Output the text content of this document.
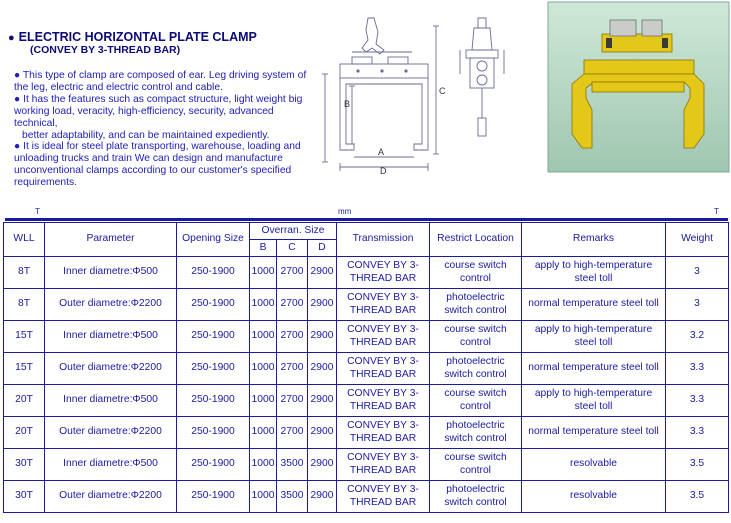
● ELECTRIC HORIZONTAL PLATE CLAMP
(CONVEY BY 3-THREAD BAR)

● This type of clamp are composed of ear. Leg driving system of the leg, electric and electric control and cable.

● It has the features such as compact structure, light weight big working load, veracity, high-efficiency, security, advanced technical,

better adaptability, and can be maintained expediently.

● It is ideal for steel plate transporting, warehouse, loading and unloading trucks and train We can design and manufacture unconventional clamps according to our customer's specified requirements.

B
C
A
D
T	mm	T
WLL	Parameter	Opening Size	Overran. Size			Transmission	Restrict Location	Remarks	Weight
			B	C	D				
8T	Inner diametre:Φ500	250-1900	1000	2700	2900	CONVEY BY 3-THREAD BAR	course switch control	apply to high-temperature steel toll	3
8T	Outer diametre:Φ2200	250-1900	1000	2700	2900	CONVEY BY 3-THREAD BAR	photoelectric switch control	normal temperature steel toll	3
15T	Inner diametre:Φ500	250-1900	1000	2700	2900	CONVEY BY 3-THREAD BAR	course switch control	apply to high-temperature steel toll	3.2
15T	Outer diametre:Φ2200	250-1900	1000	2700	2900	CONVEY BY 3-THREAD BAR	photoelectric switch control	normal temperature steel toll	3.3
20T	Inner diametre:Φ500	250-1900	1000	2700	2900	CONVEY BY 3-THREAD BAR	course switch control	apply to high-temperature steel toll	3.3
20T	Outer diametre:Φ2200	250-1900	1000	2700	2900	CONVEY BY 3-THREAD BAR	photoelectric switch control	normal temperature steel toll	3.3
30T	Inner diametre:Φ500	250-1900	1000	3500	2900	CONVEY BY 3-THREAD BAR	course switch control	resolvable	3.5
30T	Outer diametre:Φ2200	250-1900	1000	3500	2900	CONVEY BY 3-THREAD BAR	photoelectric switch control	resolvable	3.5
